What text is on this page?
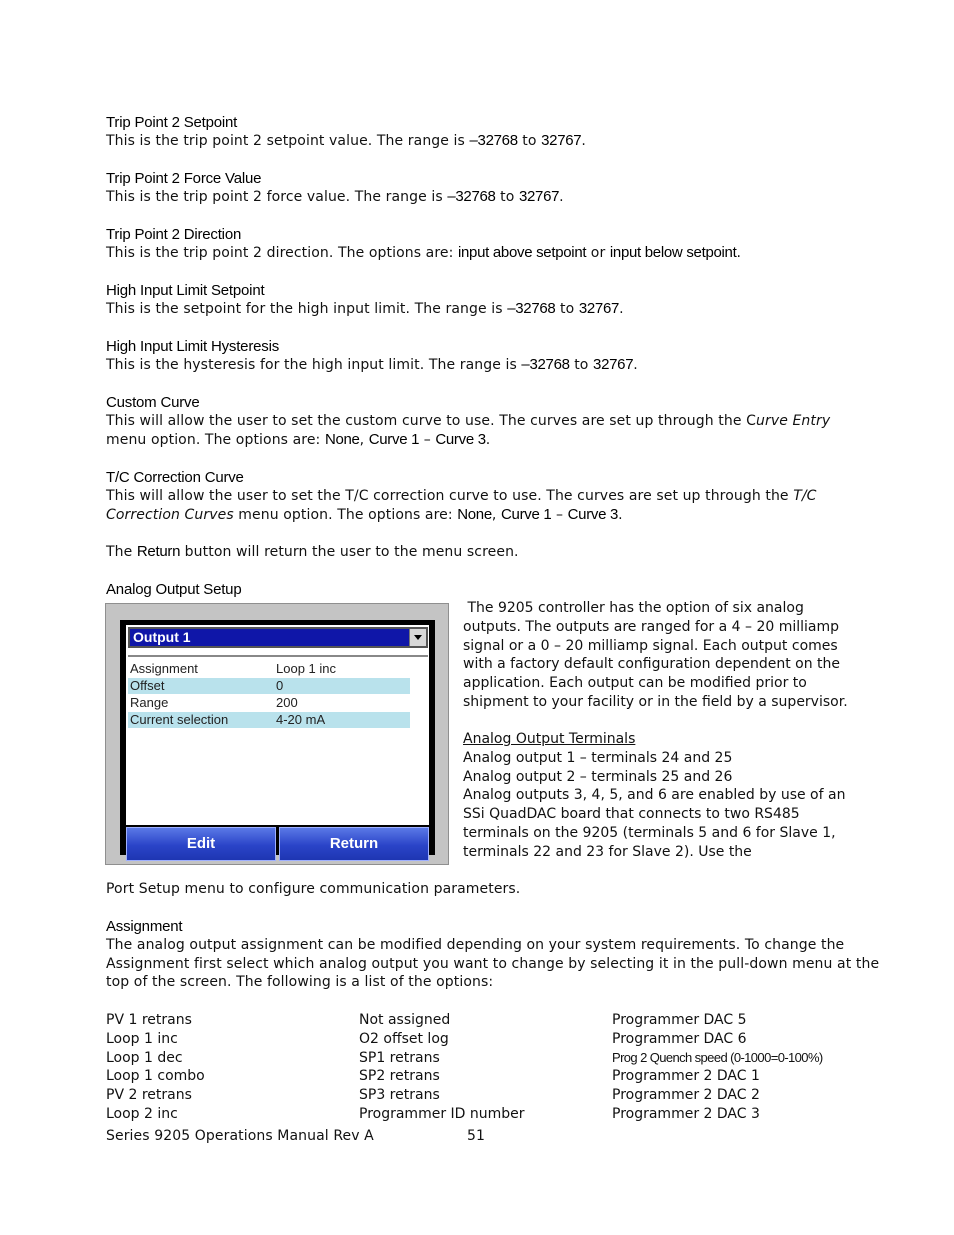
Trip Point 2 Setpoint
This is the trip point 2 setpoint value. The range is –32768 to 32767.
Trip Point 2 Force Value
This is the trip point 2 force value. The range is –32768 to 32767.
Trip Point 2 Direction
This is the trip point 2 direction. The options are: input above setpoint or input below setpoint.
High Input Limit Setpoint
This is the setpoint for the high input limit. The range is –32768 to 32767.
High Input Limit Hysteresis
This is the hysteresis for the high input limit. The range is –32768 to 32767.
Custom Curve
This will allow the user to set the custom curve to use. The curves are set up through the Curve Entry
menu option. The options are: None, Curve 1 – Curve 3.
T/C Correction Curve
This will allow the user to set the T/C correction curve to use. The curves are set up through the T/C
Correction Curves menu option. The options are: None, Curve 1 – Curve 3.
The Return button will return the user to the menu screen.
Analog Output Setup
Output 1
Assignment	Loop 1 inc
Offset	0
Range	200
Current selection	4-20 mA
Edit	Return
The 9205 controller has the option of six analog
outputs. The outputs are ranged for a 4 – 20 milliamp
signal or a 0 – 20 milliamp signal. Each output comes
with a factory default configuration dependent on the
application. Each output can be modified prior to
shipment to your facility or in the field by a supervisor.
Analog Output Terminals
Analog output 1 – terminals 24 and 25
Analog output 2 – terminals 25 and 26
Analog outputs 3, 4, 5, and 6 are enabled by use of an
SSi QuadDAC board that connects to two RS485
terminals on the 9205 (terminals 5 and 6 for Slave 1,
terminals 22 and 23 for Slave 2). Use the
Port Setup menu to configure communication parameters.
Assignment
The analog output assignment can be modified depending on your system requirements. To change the
Assignment first select which analog output you want to change by selecting it in the pull-down menu at the
top of the screen. The following is a list of the options:
PV 1 retrans
Loop 1 inc
Loop 1 dec
Loop 1 combo
PV 2 retrans
Loop 2 inc
Not assigned
O2 offset log
SP1 retrans
SP2 retrans
SP3 retrans
Programmer ID number
Programmer DAC 5
Programmer DAC 6
Prog 2 Quench speed (0-1000=0-100%)
Programmer 2 DAC 1
Programmer 2 DAC 2
Programmer 2 DAC 3
Series 9205 Operations Manual Rev A	51
